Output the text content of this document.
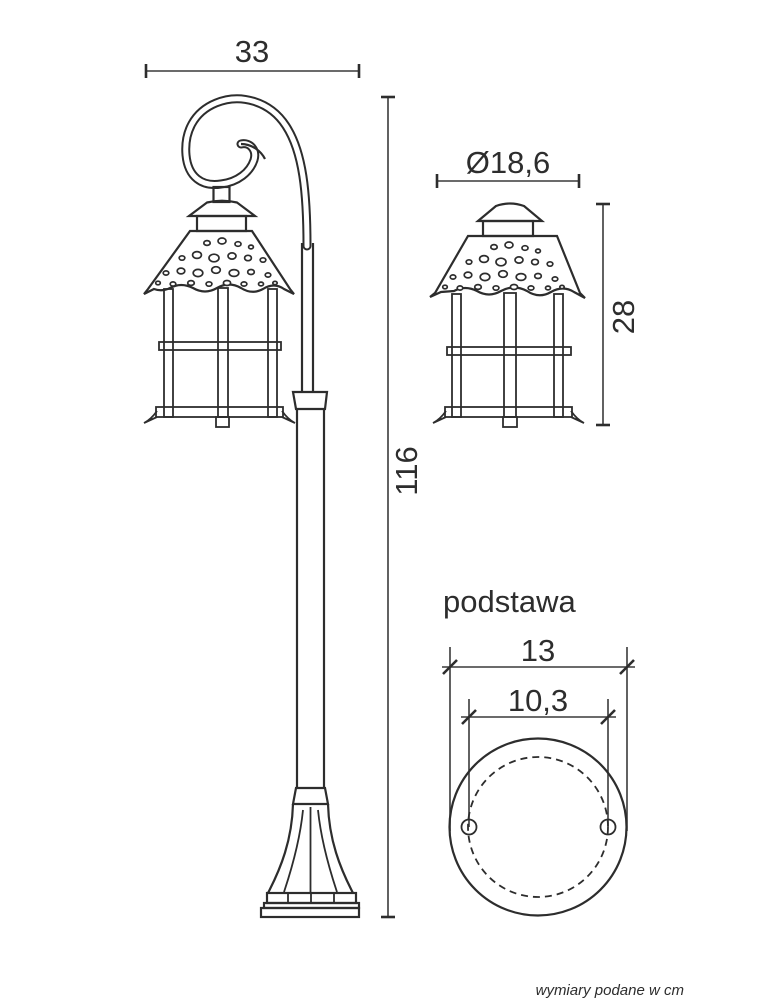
33
116
Ø18,6
28
podstawa
13
10,3
wymiary podane w cm
